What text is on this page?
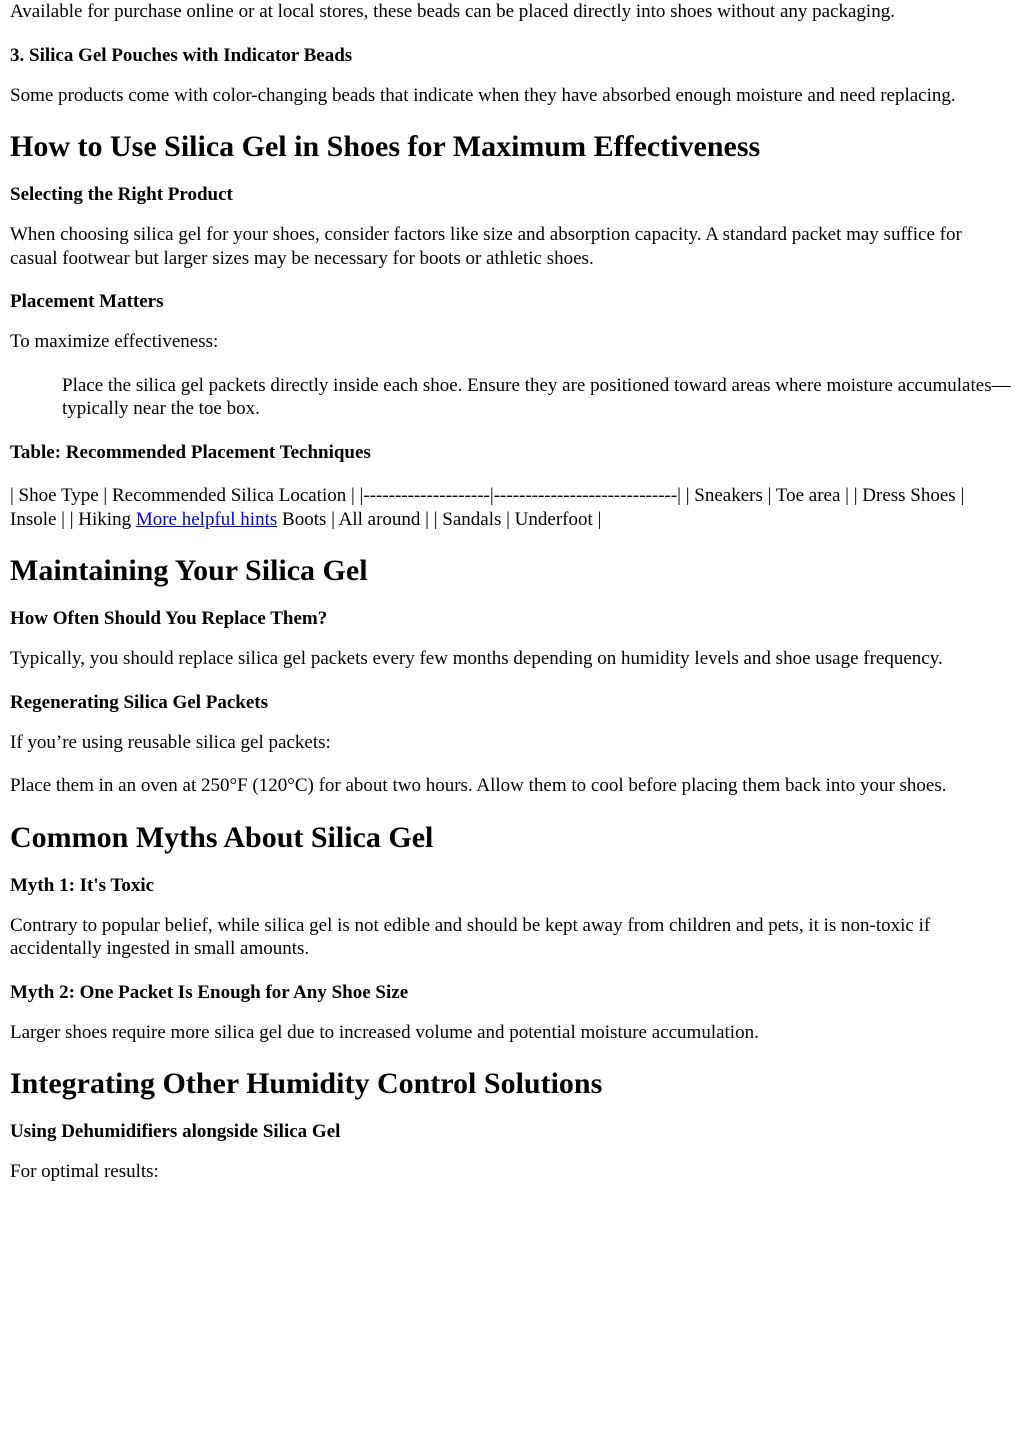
Available for purchase online or at local stores, these beads can be placed directly into shoes without any packaging.

3. Silica Gel Pouches with Indicator Beads

Some products come with color-changing beads that indicate when they have absorbed enough moisture and need replacing.

How to Use Silica Gel in Shoes for Maximum Effectiveness
Selecting the Right Product

When choosing silica gel for your shoes, consider factors like size and absorption capacity. A standard packet may suffice for casual footwear but larger sizes may be necessary for boots or athletic shoes.

Placement Matters

To maximize effectiveness:

Place the silica gel packets directly inside each shoe. Ensure they are positioned toward areas where moisture accumulates—typically near the toe box.

Table: Recommended Placement Techniques

| Shoe Type | Recommended Silica Location | |--------------------|-----------------------------| | Sneakers | Toe area | | Dress Shoes | Insole | | Hiking More helpful hints Boots | All around | | Sandals | Underfoot |

Maintaining Your Silica Gel
How Often Should You Replace Them?

Typically, you should replace silica gel packets every few months depending on humidity levels and shoe usage frequency.

Regenerating Silica Gel Packets

If you’re using reusable silica gel packets:

Place them in an oven at 250°F (120°C) for about two hours. Allow them to cool before placing them back into your shoes.

Common Myths About Silica Gel
Myth 1: It's Toxic

Contrary to popular belief, while silica gel is not edible and should be kept away from children and pets, it is non-toxic if accidentally ingested in small amounts.

Myth 2: One Packet Is Enough for Any Shoe Size

Larger shoes require more silica gel due to increased volume and potential moisture accumulation.

Integrating Other Humidity Control Solutions
Using Dehumidifiers alongside Silica Gel

For optimal results:
